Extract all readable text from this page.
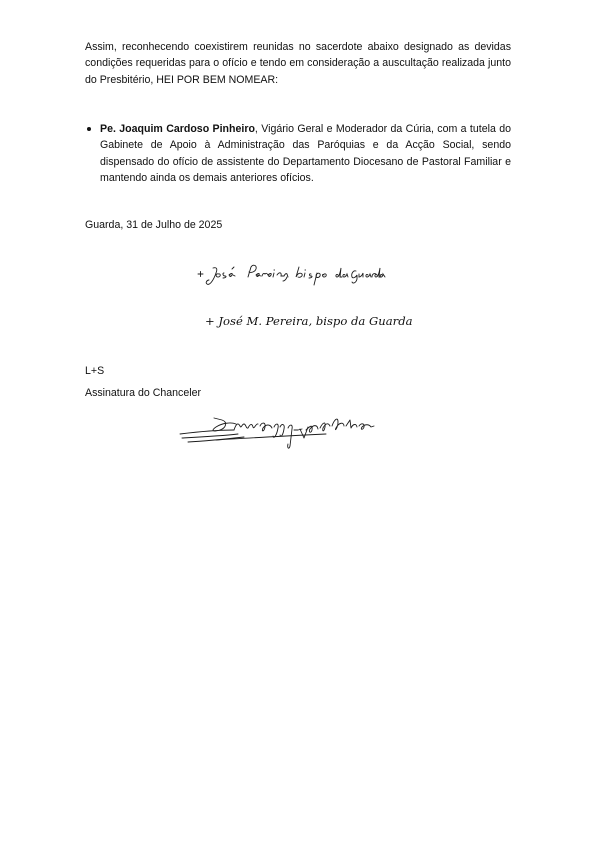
Assim, reconhecendo coexistirem reunidas no sacerdote abaixo designado as devidas condições requeridas para o ofício e tendo em consideração a auscultação realizada junto do Presbitério, HEI POR BEM NOMEAR:

Pe. Joaquim Cardoso Pinheiro, Vigário Geral e Moderador da Cúria, com a tutela do Gabinete de Apoio à Administração das Paróquias e da Acção Social, sendo dispensado do ofício de assistente do Departamento Diocesano de Pastoral Familiar e mantendo ainda os demais anteriores ofícios.

Guarda, 31 de Julho de 2025
+ José M. Pereira, bispo da Guarda
L+S
Assinatura do Chanceler
